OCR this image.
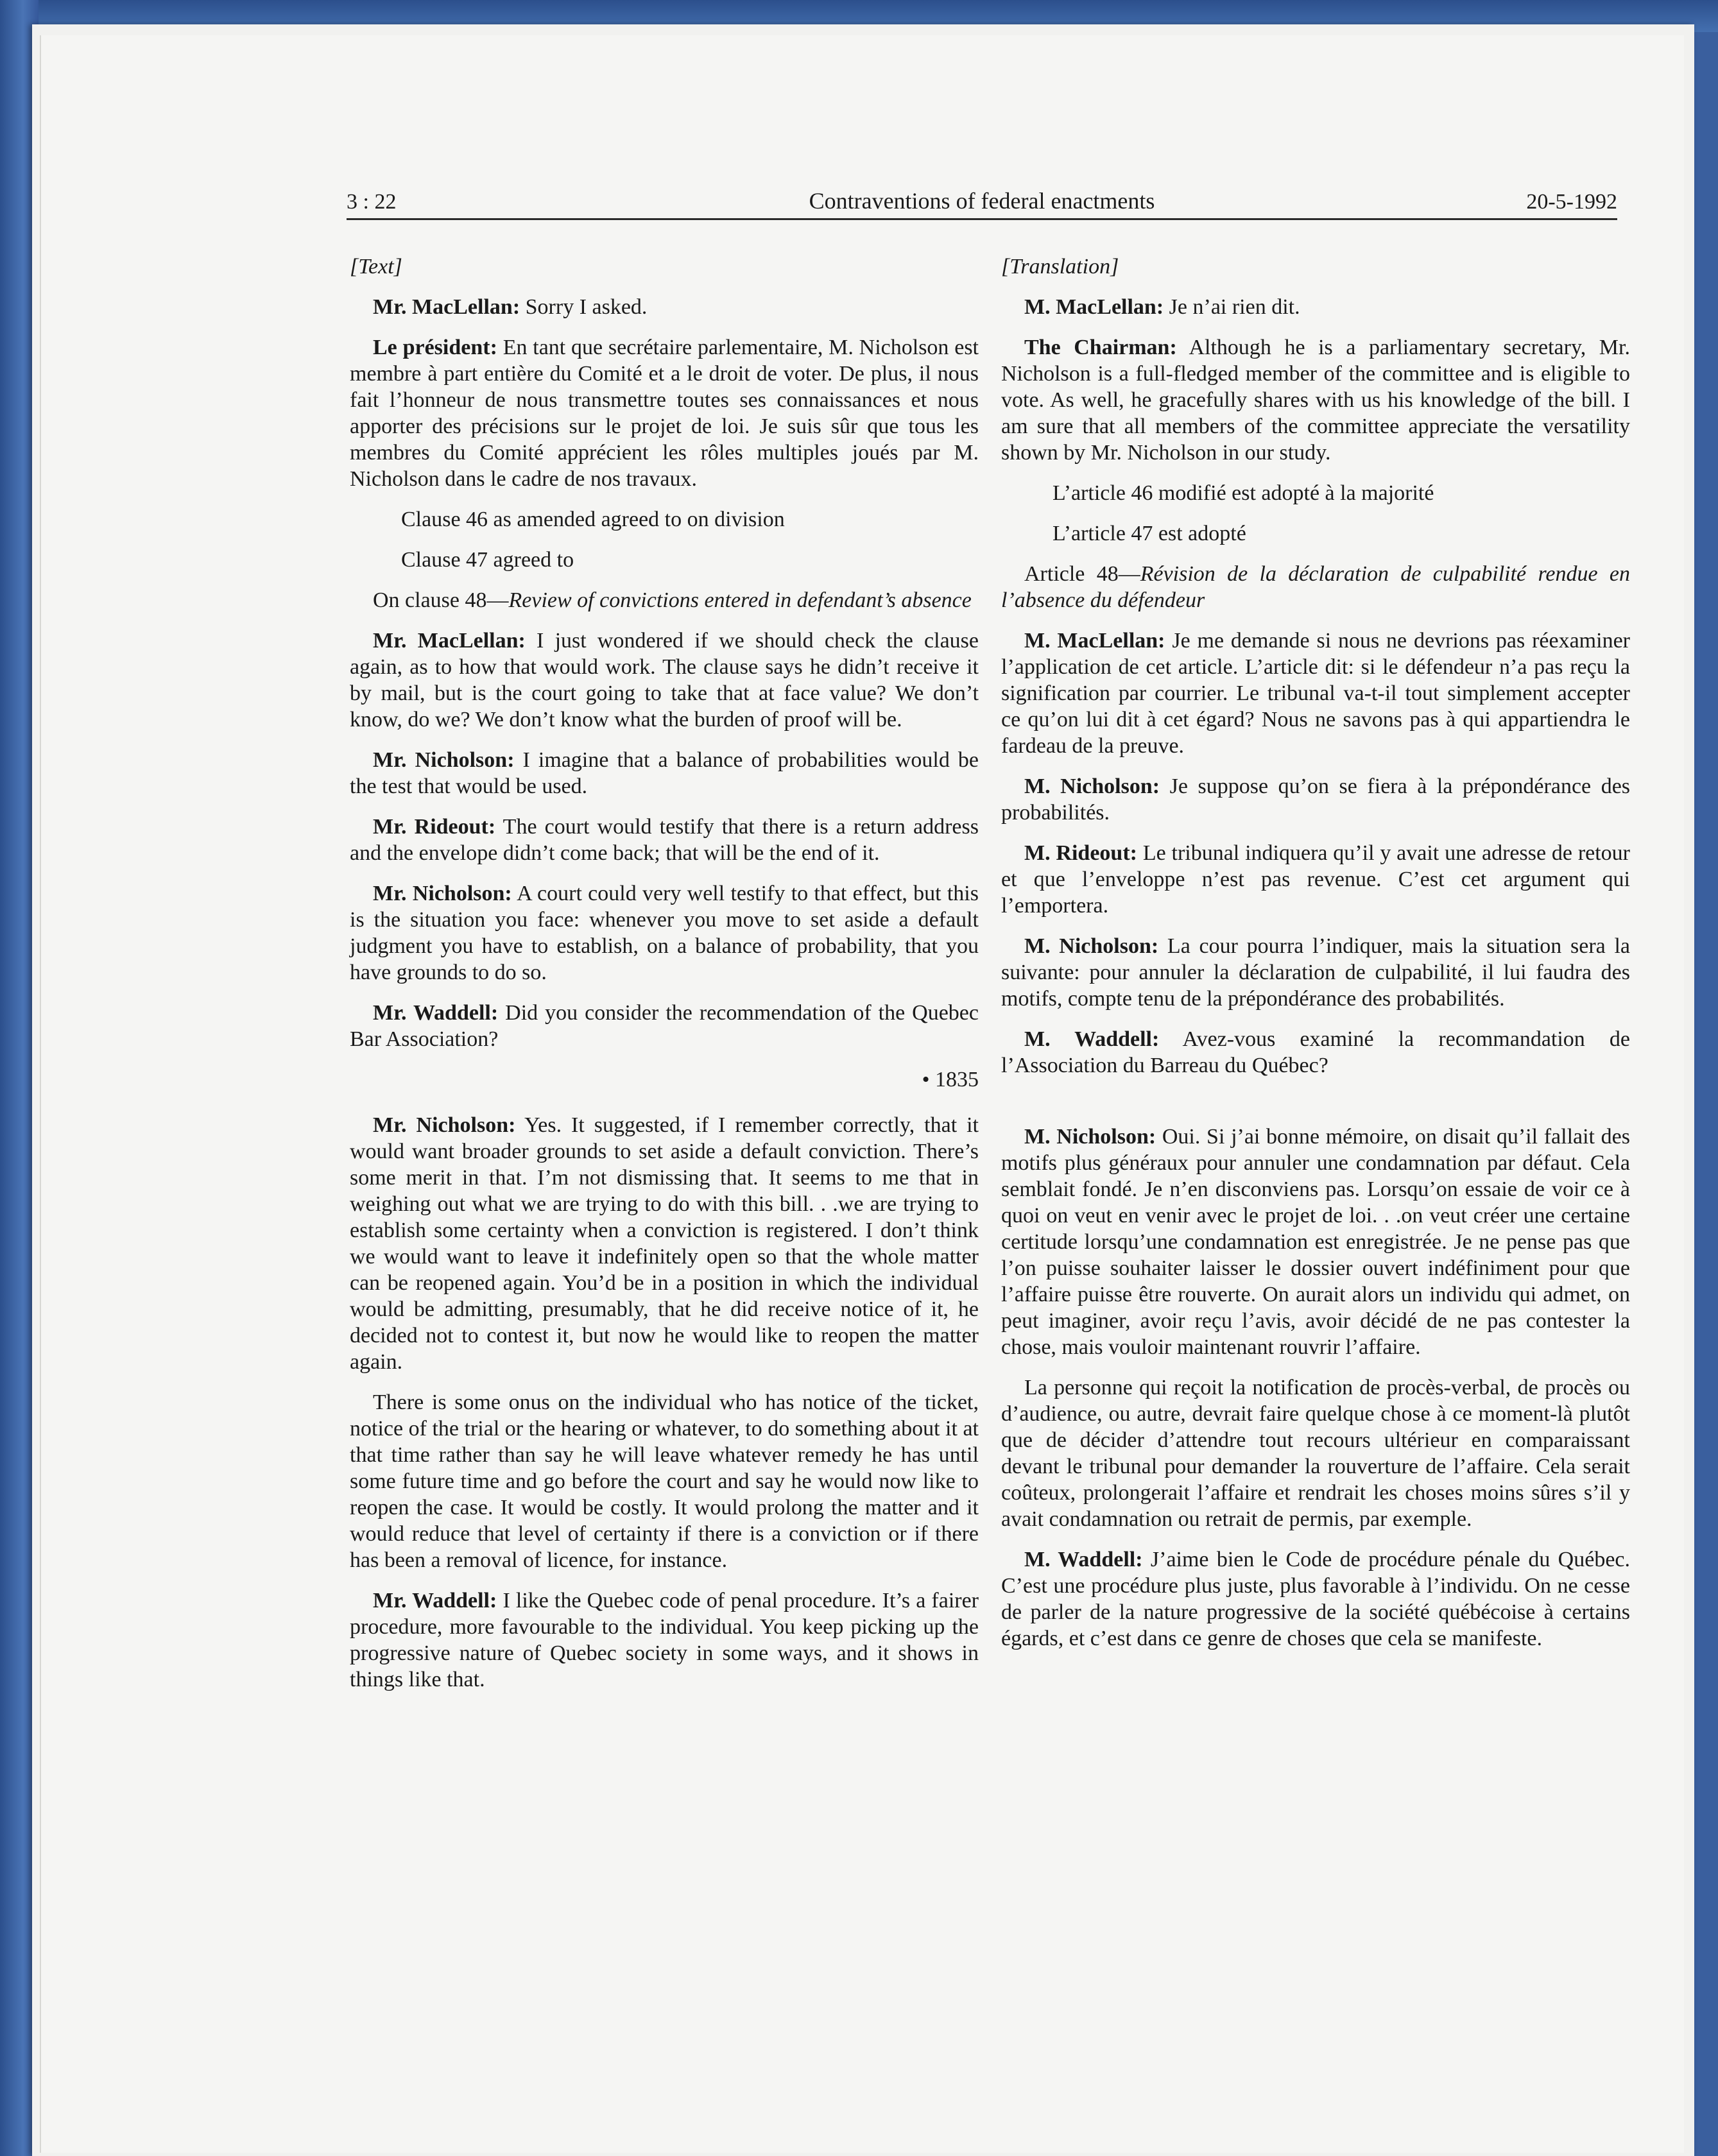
3 : 22	Contraventions of federal enactments	20-5-1992
[Text]

Mr. MacLellan: Sorry I asked.

Le président: En tant que secrétaire parlementaire, M. Nicholson est membre à part entière du Comité et a le droit de voter. De plus, il nous fait l’honneur de nous transmettre toutes ses connaissances et nous apporter des précisions sur le projet de loi. Je suis sûr que tous les membres du Comité apprécient les rôles multiples joués par M. Nicholson dans le cadre de nos travaux.

Clause 46 as amended agreed to on division
Clause 47 agreed to

On clause 48—Review of convictions entered in defendant’s absence

Mr. MacLellan: I just wondered if we should check the clause again, as to how that would work. The clause says he didn’t receive it by mail, but is the court going to take that at face value? We don’t know, do we? We don’t know what the burden of proof will be.

Mr. Nicholson: I imagine that a balance of probabilities would be the test that would be used.

Mr. Rideout: The court would testify that there is a return address and the envelope didn’t come back; that will be the end of it.

Mr. Nicholson: A court could very well testify to that effect, but this is the situation you face: whenever you move to set aside a default judgment you have to establish, on a balance of probability, that you have grounds to do so.

Mr. Waddell: Did you consider the recommendation of the Quebec Bar Association?

• 1835

Mr. Nicholson: Yes. It suggested, if I remember correctly, that it would want broader grounds to set aside a default conviction. There’s some merit in that. I’m not dismissing that. It seems to me that in weighing out what we are trying to do with this bill. . .we are trying to establish some certainty when a conviction is registered. I don’t think we would want to leave it indefinitely open so that the whole matter can be reopened again. You’d be in a position in which the individual would be admitting, presumably, that he did receive notice of it, he decided not to contest it, but now he would like to reopen the matter again.

There is some onus on the individual who has notice of the ticket, notice of the trial or the hearing or whatever, to do something about it at that time rather than say he will leave whatever remedy he has until some future time and go before the court and say he would now like to reopen the case. It would be costly. It would prolong the matter and it would reduce that level of certainty if there is a conviction or if there has been a removal of licence, for instance.

Mr. Waddell: I like the Quebec code of penal procedure. It’s a fairer procedure, more favourable to the individual. You keep picking up the progressive nature of Quebec society in some ways, and it shows in things like that.

[Translation]

M. MacLellan: Je n’ai rien dit.

The Chairman: Although he is a parliamentary secretary, Mr. Nicholson is a full-fledged member of the committee and is eligible to vote. As well, he gracefully shares with us his knowledge of the bill. I am sure that all members of the committee appreciate the versatility shown by Mr. Nicholson in our study.

L’article 46 modifié est adopté à la majorité
L’article 47 est adopté

Article 48—Révision de la déclaration de culpabilité rendue en l’absence du défendeur

M. MacLellan: Je me demande si nous ne devrions pas réexaminer l’application de cet article. L’article dit: si le défendeur n’a pas reçu la signification par courrier. Le tribunal va-t-il tout simplement accepter ce qu’on lui dit à cet égard? Nous ne savons pas à qui appartiendra le fardeau de la preuve.

M. Nicholson: Je suppose qu’on se fiera à la prépondérance des probabilités.

M. Rideout: Le tribunal indiquera qu’il y avait une adresse de retour et que l’enveloppe n’est pas revenue. C’est cet argument qui l’emportera.

M. Nicholson: La cour pourra l’indiquer, mais la situation sera la suivante: pour annuler la déclaration de culpabilité, il lui faudra des motifs, compte tenu de la prépondérance des probabilités.

M. Waddell: Avez-vous examiné la recommandation de l’Association du Barreau du Québec?

M. Nicholson: Oui. Si j’ai bonne mémoire, on disait qu’il fallait des motifs plus généraux pour annuler une condamnation par défaut. Cela semblait fondé. Je n’en disconviens pas. Lorsqu’on essaie de voir ce à quoi on veut en venir avec le projet de loi. . .on veut créer une certaine certitude lorsqu’une condamnation est enregistrée. Je ne pense pas que l’on puisse souhaiter laisser le dossier ouvert indéfiniment pour que l’affaire puisse être rouverte. On aurait alors un individu qui admet, on peut imaginer, avoir reçu l’avis, avoir décidé de ne pas contester la chose, mais vouloir maintenant rouvrir l’affaire.

La personne qui reçoit la notification de procès-verbal, de procès ou d’audience, ou autre, devrait faire quelque chose à ce moment-là plutôt que de décider d’attendre tout recours ultérieur en comparaissant devant le tribunal pour demander la rouverture de l’affaire. Cela serait coûteux, prolongerait l’affaire et rendrait les choses moins sûres s’il y avait condamnation ou retrait de permis, par exemple.

M. Waddell: J’aime bien le Code de procédure pénale du Québec. C’est une procédure plus juste, plus favorable à l’individu. On ne cesse de parler de la nature progressive de la société québécoise à certains égards, et c’est dans ce genre de choses que cela se manifeste.
